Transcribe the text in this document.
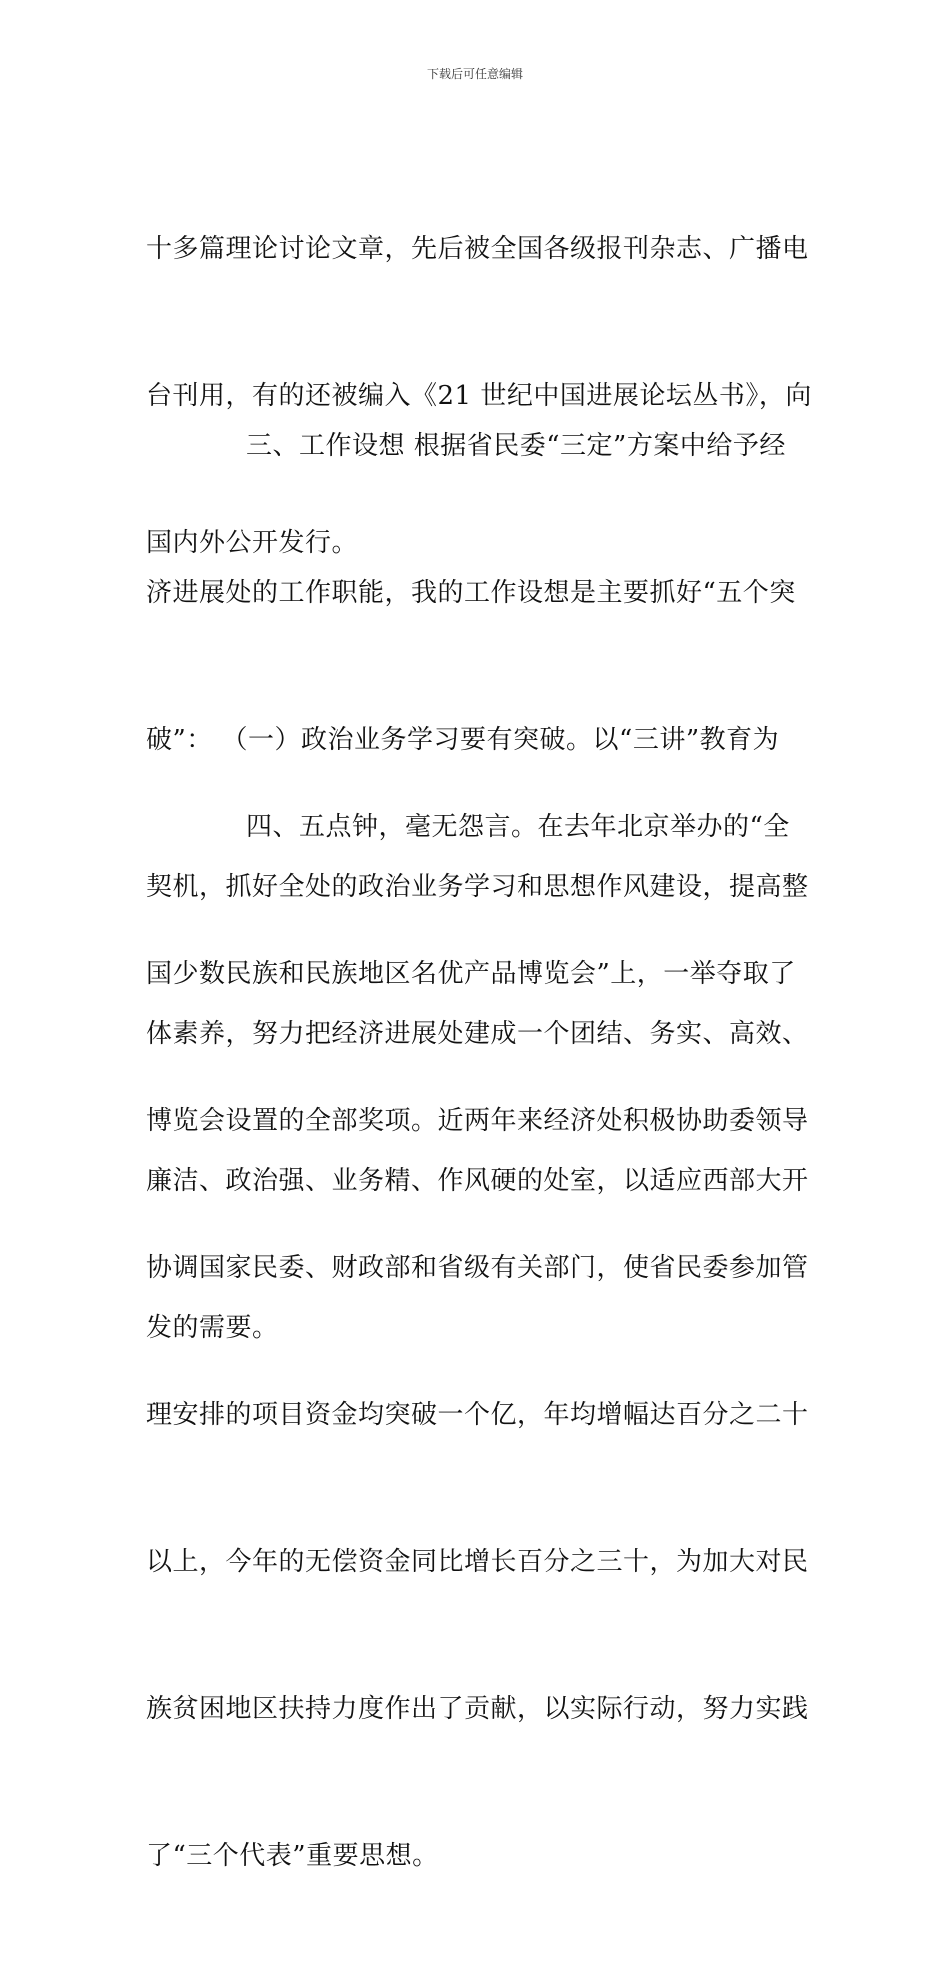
下载后可任意编辑

十多篇理论讨论文章，先后被全国各级报刊杂志、广播电

台刊用，有的还被编入《21 世纪中国进展论坛丛书》，向

国内外公开发行。

三、工作设想 根据省民委“三定”方案中给予经

济进展处的工作职能，我的工作设想是主要抓好“五个突

破”： （一）政治业务学习要有突破。以“三讲”教育为

契机，抓好全处的政治业务学习和思想作风建设，提高整

体素养，努力把经济进展处建成一个团结、务实、高效、

廉洁、政治强、业务精、作风硬的处室，以适应西部大开

发的需要。

四、五点钟，毫无怨言。在去年北京举办的“全

国少数民族和民族地区名优产品博览会”上，一举夺取了

博览会设置的全部奖项。近两年来经济处积极协助委领导

协调国家民委、财政部和省级有关部门，使省民委参加管

理安排的项目资金均突破一个亿，年均增幅达百分之二十

以上，今年的无偿资金同比增长百分之三十，为加大对民

族贫困地区扶持力度作出了贡献，以实际行动，努力实践

了“三个代表”重要思想。
